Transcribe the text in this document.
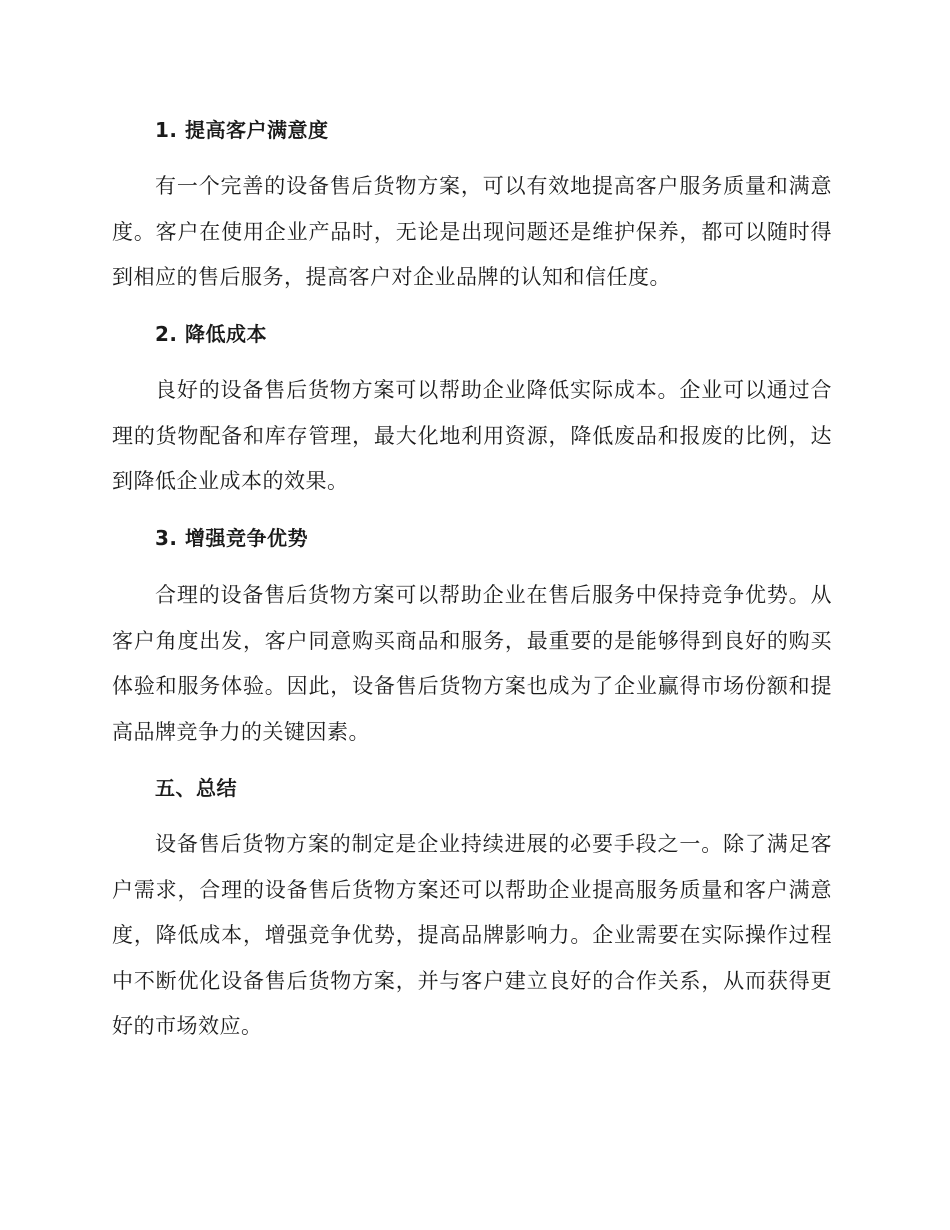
1. 提高客户满意度

有一个完善的设备售后货物方案，可以有效地提高客户服务质量和满意度。客户在使用企业产品时，无论是出现问题还是维护保养，都可以随时得到相应的售后服务，提高客户对企业品牌的认知和信任度。

2. 降低成本

良好的设备售后货物方案可以帮助企业降低实际成本。企业可以通过合理的货物配备和库存管理，最大化地利用资源，降低废品和报废的比例，达到降低企业成本的效果。

3. 增强竞争优势

合理的设备售后货物方案可以帮助企业在售后服务中保持竞争优势。从客户角度出发，客户同意购买商品和服务，最重要的是能够得到良好的购买体验和服务体验。因此，设备售后货物方案也成为了企业赢得市场份额和提高品牌竞争力的关键因素。

五、总结

设备售后货物方案的制定是企业持续进展的必要手段之一。除了满足客户需求，合理的设备售后货物方案还可以帮助企业提高服务质量和客户满意度，降低成本，增强竞争优势，提高品牌影响力。企业需要在实际操作过程中不断优化设备售后货物方案，并与客户建立良好的合作关系，从而获得更好的市场效应。
